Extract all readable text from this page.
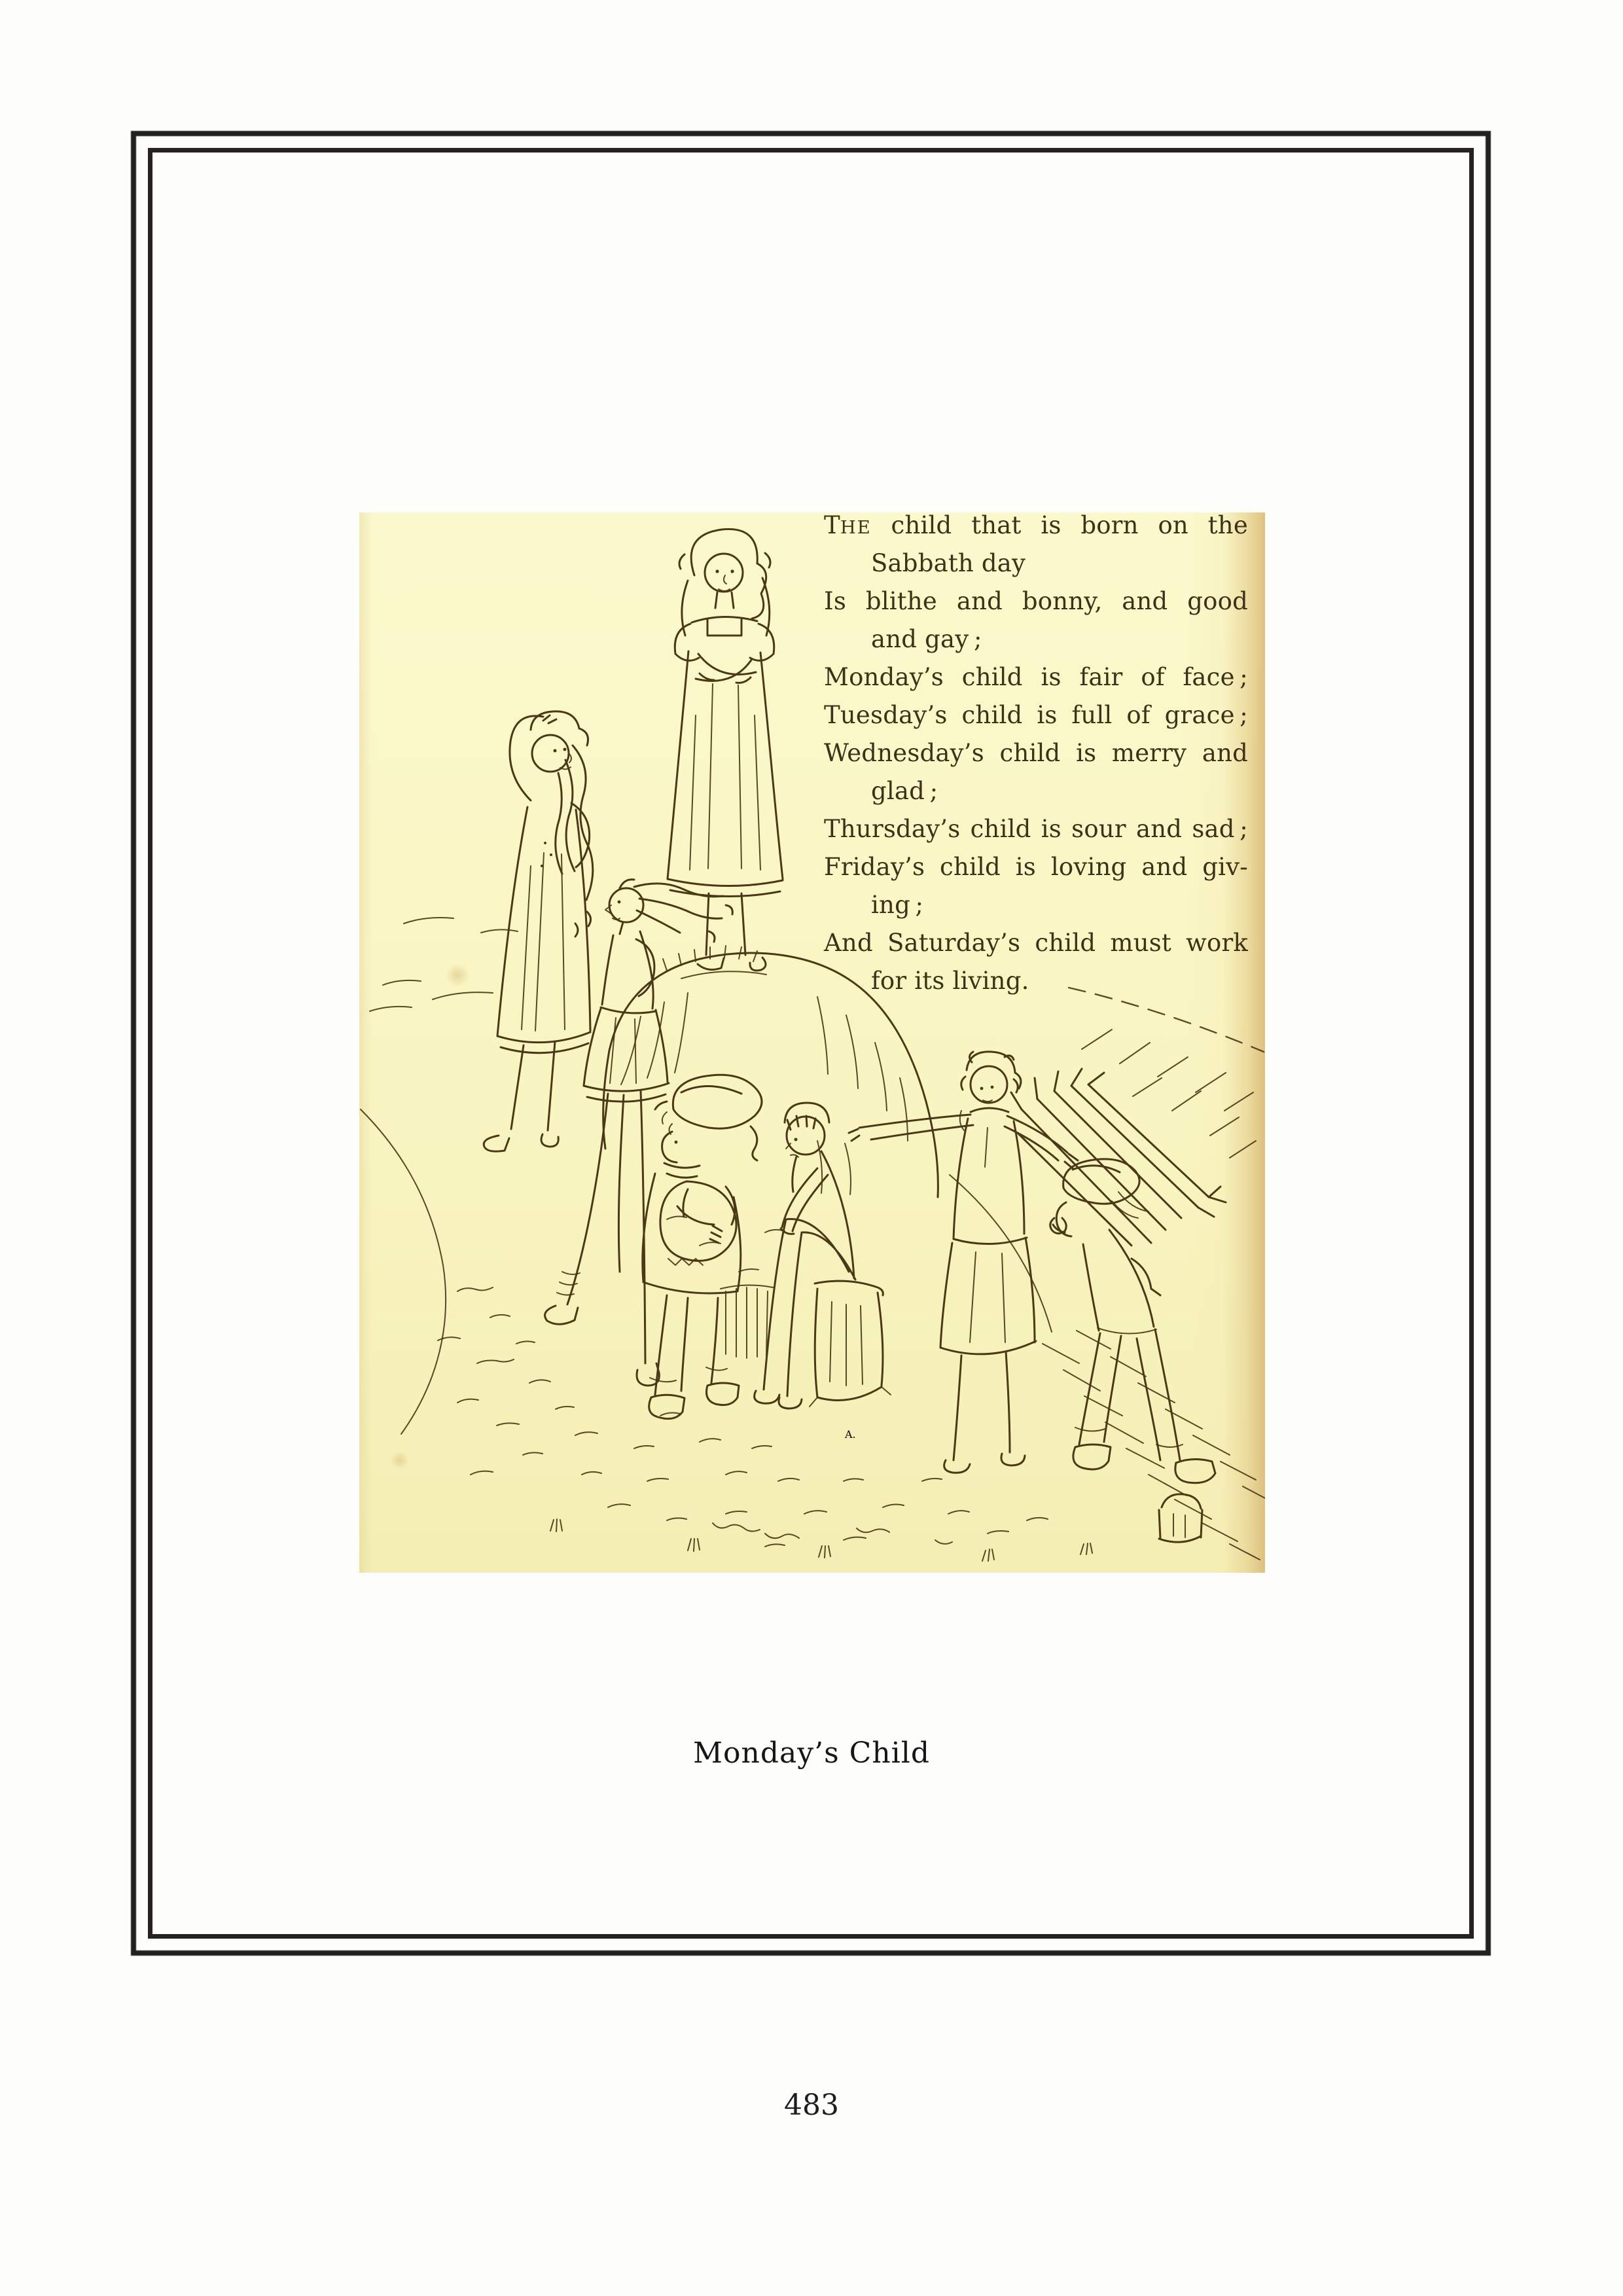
A.
THE child that is born on the
Sabbath day
Is blithe and bonny, and good
and gay ;
Monday’s child is fair of face ;
Tuesday’s child is full of grace ;
Wednesday’s child is merry and
glad ;
Thursday’s child is sour and sad ;
Friday’s child is loving and giv-
ing ;
And Saturday’s child must work
for its living.
Monday’s Child
483
